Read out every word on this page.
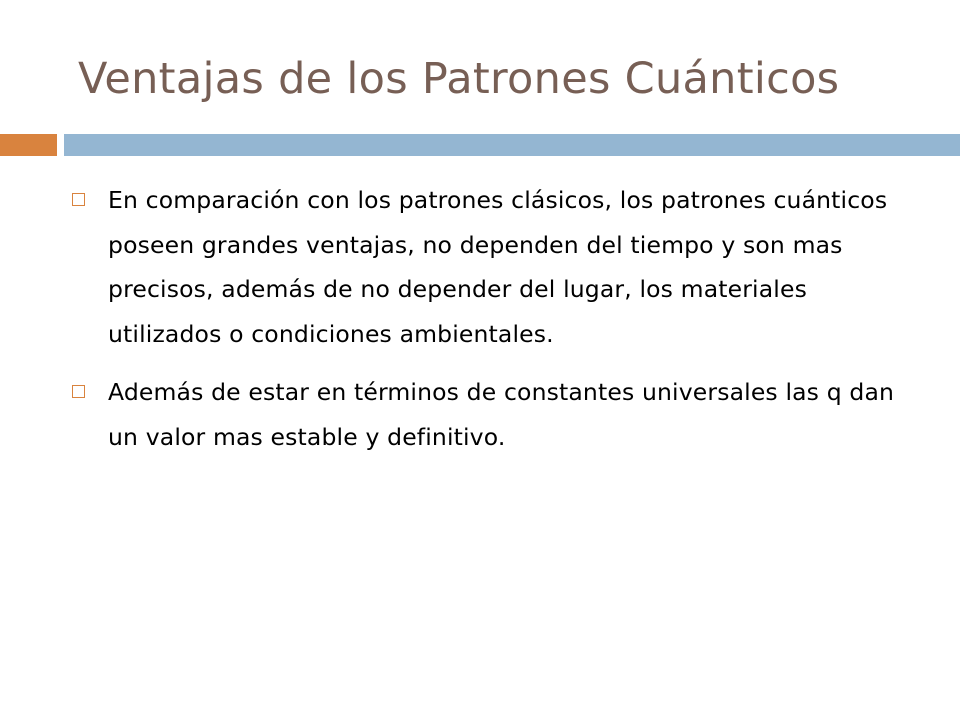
Ventajas de los Patrones Cuánticos
En comparación con los patrones clásicos, los patrones cuánticos poseen grandes ventajas, no dependen del tiempo y son mas precisos, además de no depender del lugar, los materiales utilizados o condiciones ambientales.
Además de estar en términos de constantes universales las q dan un valor mas estable y definitivo.
